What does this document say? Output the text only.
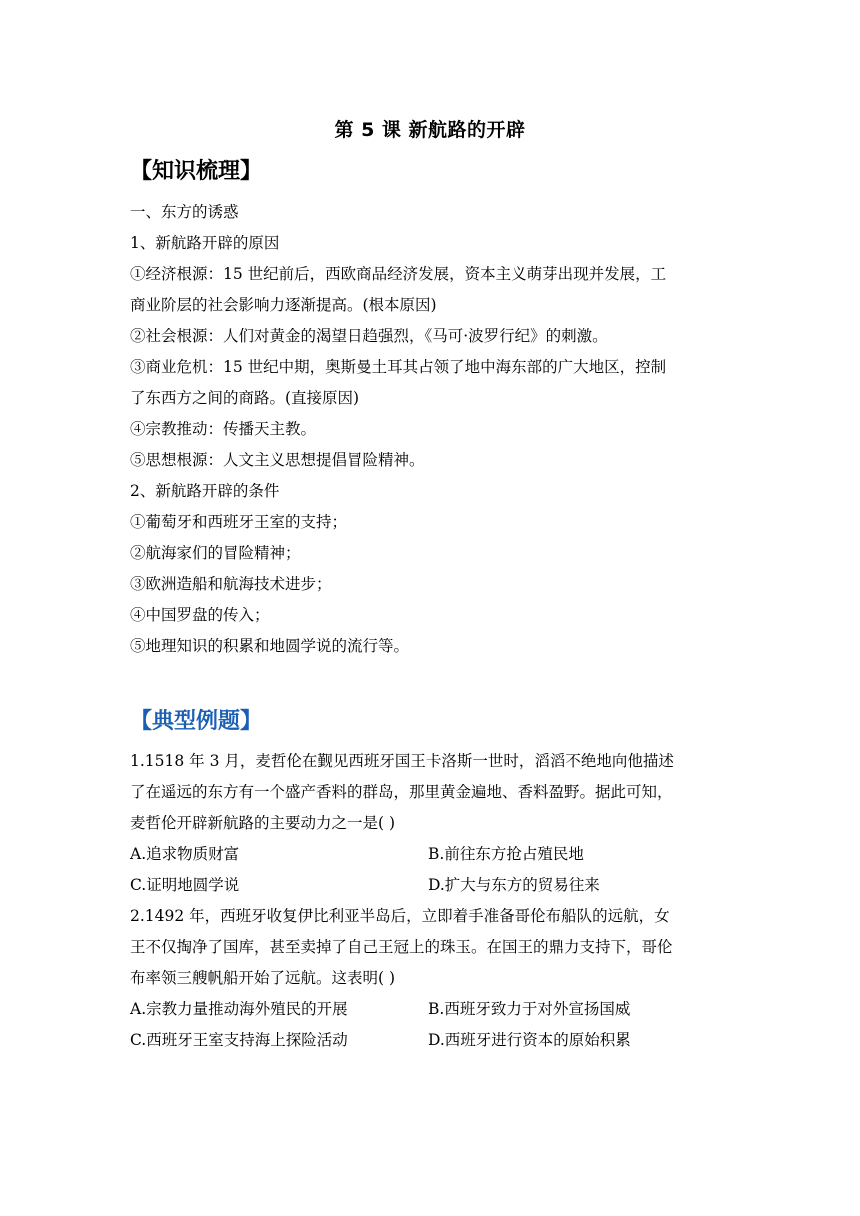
第 5 课 新航路的开辟
【知识梳理】
一、东方的诱惑
1、新航路开辟的原因
①经济根源：15 世纪前后，西欧商品经济发展，资本主义萌芽出现并发展，工
商业阶层的社会影响力逐渐提高。(根本原因)
②社会根源：人们对黄金的渴望日趋强烈，《马可·波罗行纪》的刺激。
③商业危机：15 世纪中期，奥斯曼土耳其占领了地中海东部的广大地区，控制
了东西方之间的商路。(直接原因)
④宗教推动：传播天主教。
⑤思想根源：人文主义思想提倡冒险精神。
2、新航路开辟的条件
①葡萄牙和西班牙王室的支持；
②航海家们的冒险精神；
③欧洲造船和航海技术进步；
④中国罗盘的传入；
⑤地理知识的积累和地圆学说的流行等。
【典型例题】
1.1518 年 3 月，麦哲伦在觐见西班牙国王卡洛斯一世时，滔滔不绝地向他描述
了在遥远的东方有一个盛产香料的群岛，那里黄金遍地、香料盈野。据此可知，
麦哲伦开辟新航路的主要动力之一是( )
A.追求物质财富	B.前往东方抢占殖民地
C.证明地圆学说	D.扩大与东方的贸易往来
2.1492 年，西班牙收复伊比利亚半岛后，立即着手准备哥伦布船队的远航，女
王不仅掏净了国库，甚至卖掉了自己王冠上的珠玉。在国王的鼎力支持下，哥伦
布率领三艘帆船开始了远航。这表明( )
A.宗教力量推动海外殖民的开展	B.西班牙致力于对外宣扬国威
C.西班牙王室支持海上探险活动	D.西班牙进行资本的原始积累
